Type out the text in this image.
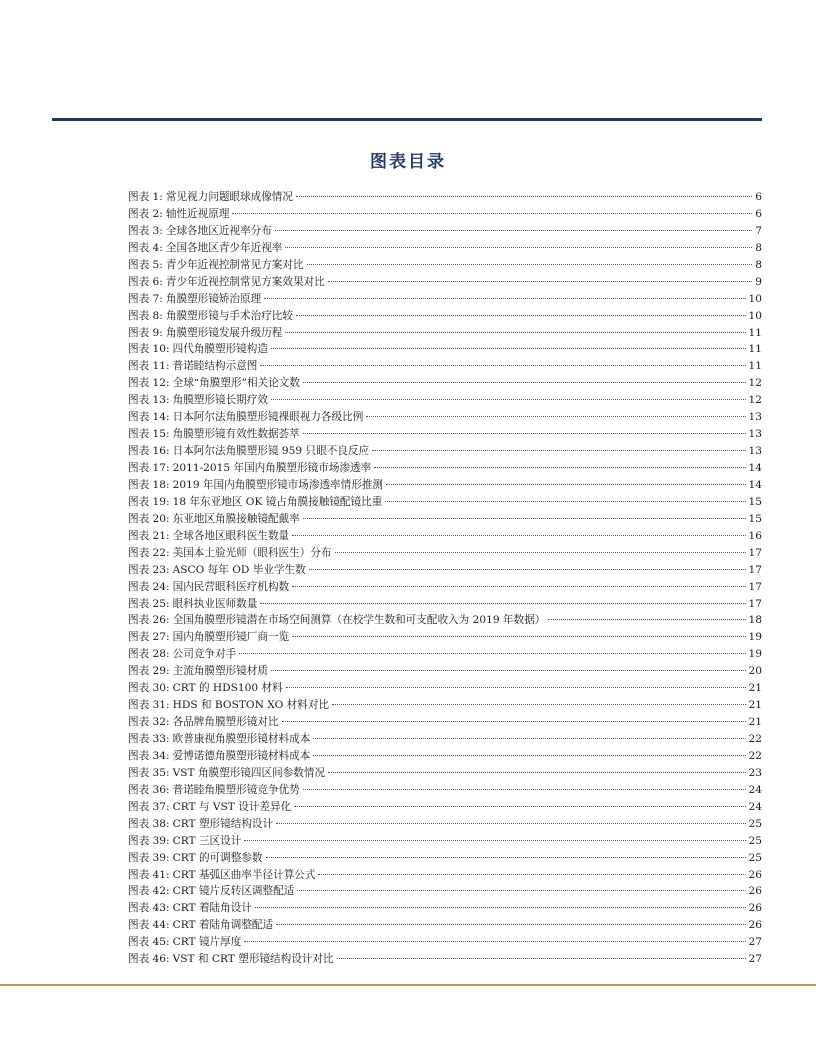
图表目录
图表 1: 常见视力问题眼球成像情况	6
图表 2: 轴性近视原理	6
图表 3: 全球各地区近视率分布	7
图表 4: 全国各地区青少年近视率	8
图表 5: 青少年近视控制常见方案对比	8
图表 6: 青少年近视控制常见方案效果对比	9
图表 7: 角膜塑形镜矫治原理	10
图表 8: 角膜塑形镜与手术治疗比较	10
图表 9: 角膜塑形镜发展升级历程	11
图表 10: 四代角膜塑形镜构造	11
图表 11: 普诺睦结构示意图	11
图表 12: 全球“角膜塑形”相关论文数	12
图表 13: 角膜塑形镜长期疗效	12
图表 14: 日本阿尔法角膜塑形镜裸眼视力各级比例	13
图表 15: 角膜塑形镜有效性数据荟萃	13
图表 16: 日本阿尔法角膜塑形镜 959 只眼不良反应	13
图表 17: 2011-2015 年国内角膜塑形镜市场渗透率	14
图表 18: 2019 年国内角膜塑形镜市场渗透率情形推测	14
图表 19: 18 年东亚地区 OK 镜占角膜接触镜配镜比重	15
图表 20: 东亚地区角膜接触镜配戴率	15
图表 21: 全球各地区眼科医生数量	16
图表 22: 美国本土验光师（眼科医生）分布	17
图表 23: ASCO 每年 OD 毕业学生数	17
图表 24: 国内民营眼科医疗机构数	17
图表 25: 眼科执业医师数量	17
图表 26: 全国角膜塑形镜潜在市场空间测算（在校学生数和可支配收入为 2019 年数据）	18
图表 27: 国内角膜塑形镜厂商一览	19
图表 28: 公司竞争对手	19
图表 29: 主流角膜塑形镜材质	20
图表 30: CRT 的 HDS100 材料	21
图表 31: HDS 和 BOSTON XO 材料对比	21
图表 32: 各品牌角膜塑形镜对比	21
图表 33: 欧普康视角膜塑形镜材料成本	22
图表 34: 爱博诺德角膜塑形镜材料成本	22
图表 35: VST 角膜塑形镜四区间参数情况	23
图表 36: 普诺睦角膜塑形镜竞争优势	24
图表 37: CRT 与 VST 设计差异化	24
图表 38: CRT 塑形镜结构设计	25
图表 39: CRT 三区设计	25
图表 39: CRT 的可调整参数	25
图表 41: CRT 基弧区曲率半径计算公式	26
图表 42: CRT 镜片反转区调整配适	26
图表 43: CRT 着陆角设计	26
图表 44: CRT 着陆角调整配适	26
图表 45: CRT 镜片厚度	27
图表 46: VST 和 CRT 塑形镜结构设计对比	27
